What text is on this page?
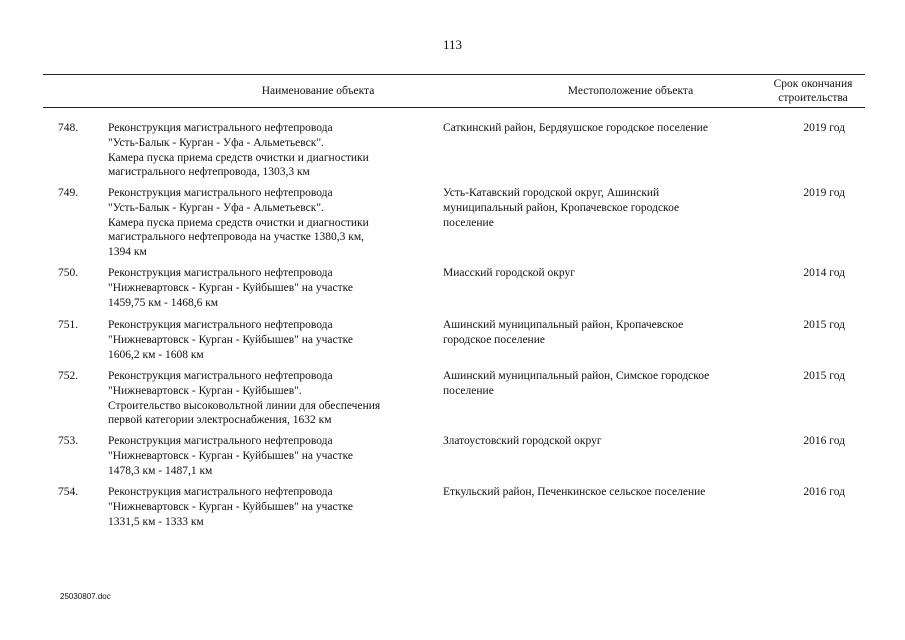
113
Наименование объекта	Местоположение объекта
Срок окончания
строительства
748.	Реконструкция магистрального нефтепровода
"Усть-Балык - Курган - Уфа - Альметьевск".
Камера пуска приема средств очистки и диагностики
магистрального нефтепровода, 1303,3 км
Саткинский район, Бердяушское городское поселение	2019 год
749.	Реконструкция магистрального нефтепровода
"Усть-Балык - Курган - Уфа - Альметьевск".
Камера пуска приема средств очистки и диагностики
магистрального нефтепровода на участке 1380,3 км,
1394 км
Усть-Катавский городской округ, Ашинский
муниципальный район, Кропачевское городское
поселение
2019 год
750.	Реконструкция магистрального нефтепровода
"Нижневартовск - Курган - Куйбышев" на участке
1459,75 км - 1468,6 км
Миасский городской округ	2014 год
751.	Реконструкция магистрального нефтепровода
"Нижневартовск - Курган - Куйбышев" на участке
1606,2 км - 1608 км
Ашинский муниципальный район, Кропачевское
городское поселение
2015 год
752.	Реконструкция магистрального нефтепровода
"Нижневартовск - Курган - Куйбышев".
Строительство высоковольтной линии для обеспечения
первой категории электроснабжения, 1632 км
Ашинский муниципальный район, Симское городское
поселение
2015 год
753.	Реконструкция магистрального нефтепровода
"Нижневартовск - Курган - Куйбышев" на участке
1478,3 км - 1487,1 км
Златоустовский городской округ	2016 год
754.	Реконструкция магистрального нефтепровода
"Нижневартовск - Курган - Куйбышев" на участке
1331,5 км - 1333 км
Еткульский район, Печенкинское сельское поселение	2016 год
25030807.doc
